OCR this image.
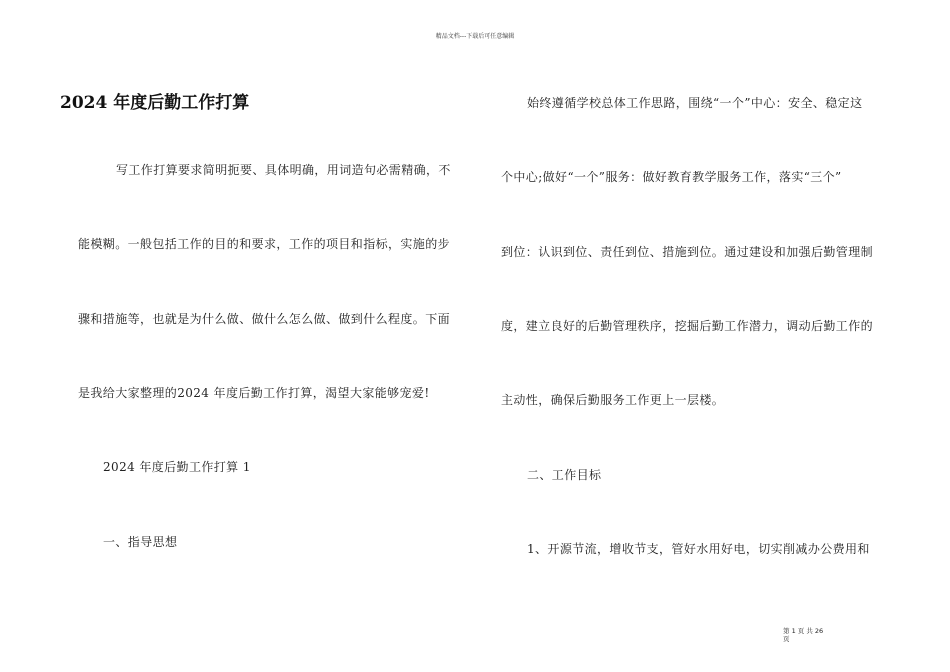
精品文档---下载后可任意编辑
2024 年度后勤工作打算
写工作打算要求简明扼要、具体明确，用词造句必需精确，不
能模糊。一般包括工作的目的和要求，工作的项目和指标，实施的步
骤和措施等，也就是为什么做、做什么怎么做、做到什么程度。下面
是我给大家整理的2024 年度后勤工作打算，渴望大家能够宠爱!
2024 年度后勤工作打算 1
一、指导思想
始终遵循学校总体工作思路，围绕“一个”中心：安全、稳定这
个中心;做好“一个”服务：做好教育教学服务工作，落实“三个”
到位：认识到位、责任到位、措施到位。通过建设和加强后勤管理制
度，建立良好的后勤管理秩序，挖掘后勤工作潜力，调动后勤工作的
主动性，确保后勤服务工作更上一层楼。
二、工作目标
1、开源节流，增收节支，管好水用好电，切实削减办公费用和
第 1 页 共 26
页
